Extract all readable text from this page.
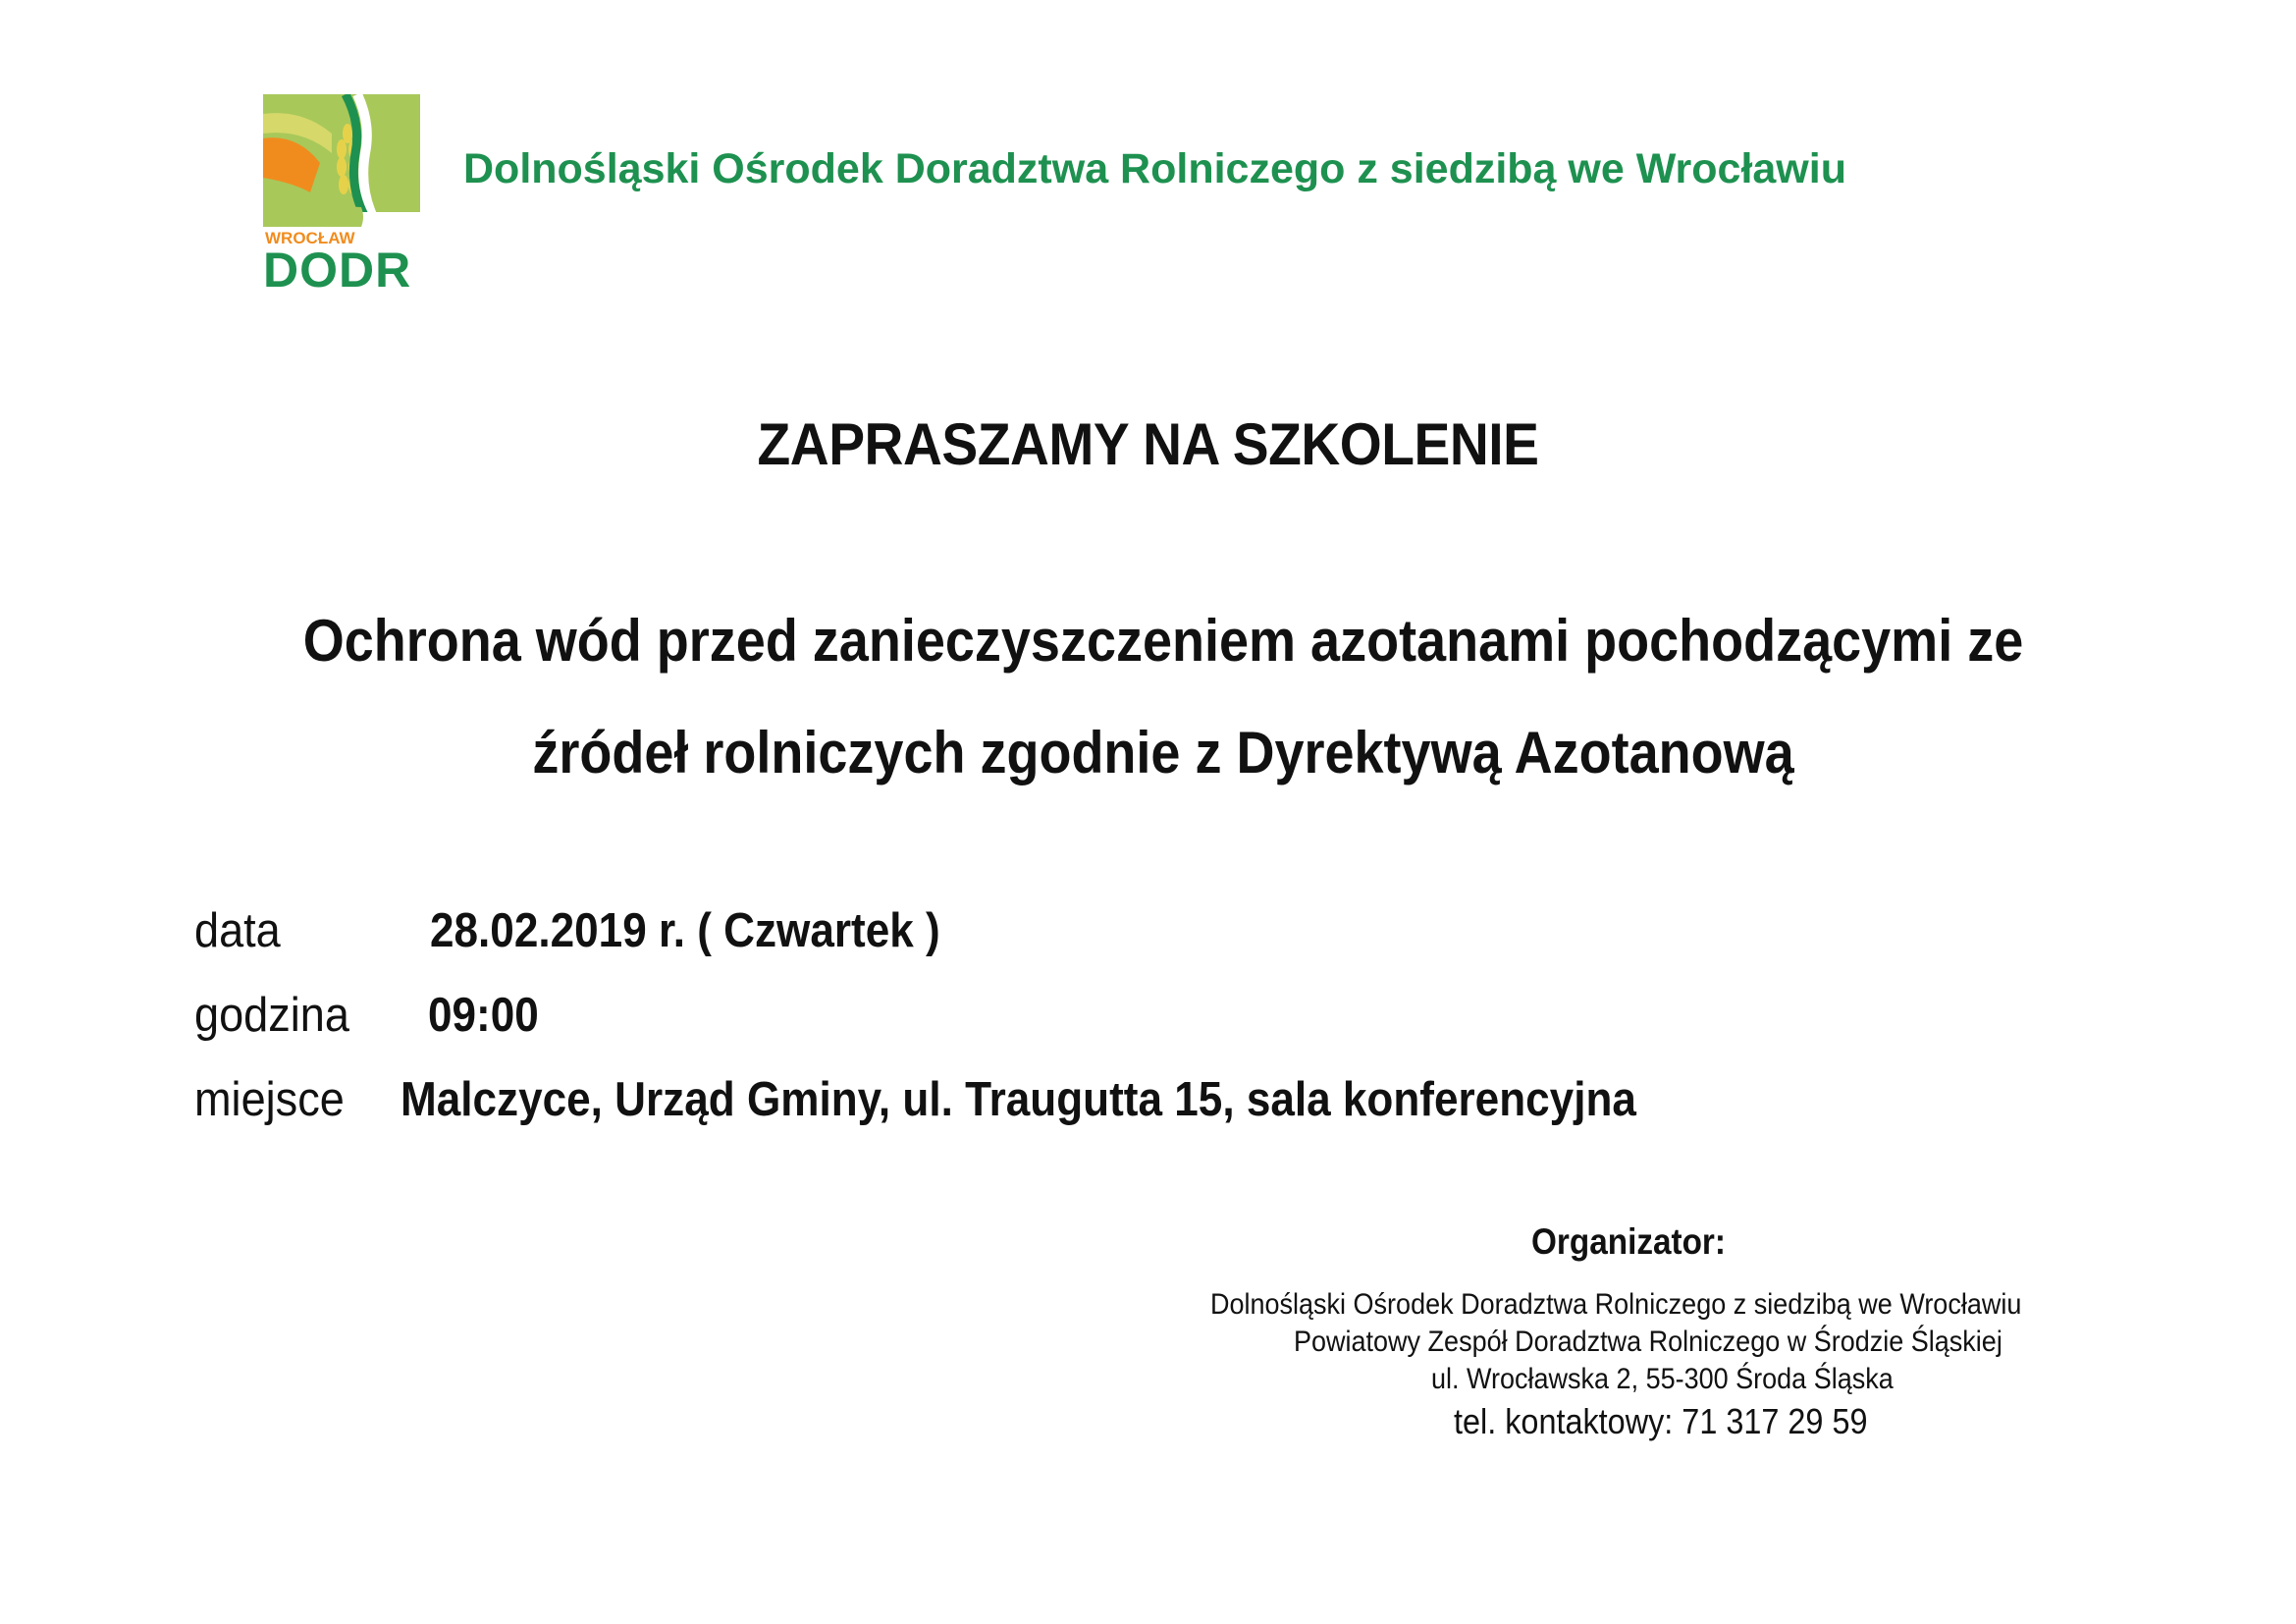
WROCŁAW
DODR
Dolnośląski Ośrodek Doradztwa Rolniczego z siedzibą we Wrocławiu
ZAPRASZAMY NA SZKOLENIE
Ochrona wód przed zanieczyszczeniem azotanami pochodzącymi ze
źródeł rolniczych zgodnie z Dyrektywą Azotanową
data	28.02.2019 r. ( Czwartek )
godzina 09:00
miejsce Malczyce, Urząd Gminy, ul. Traugutta 15, sala konferencyjna
Organizator:
Dolnośląski Ośrodek Doradztwa Rolniczego z siedzibą we Wrocławiu
Powiatowy Zespół Doradztwa Rolniczego w Środzie Śląskiej
ul. Wrocławska 2, 55-300 Środa Śląska
tel. kontaktowy: 71 317 29 59
